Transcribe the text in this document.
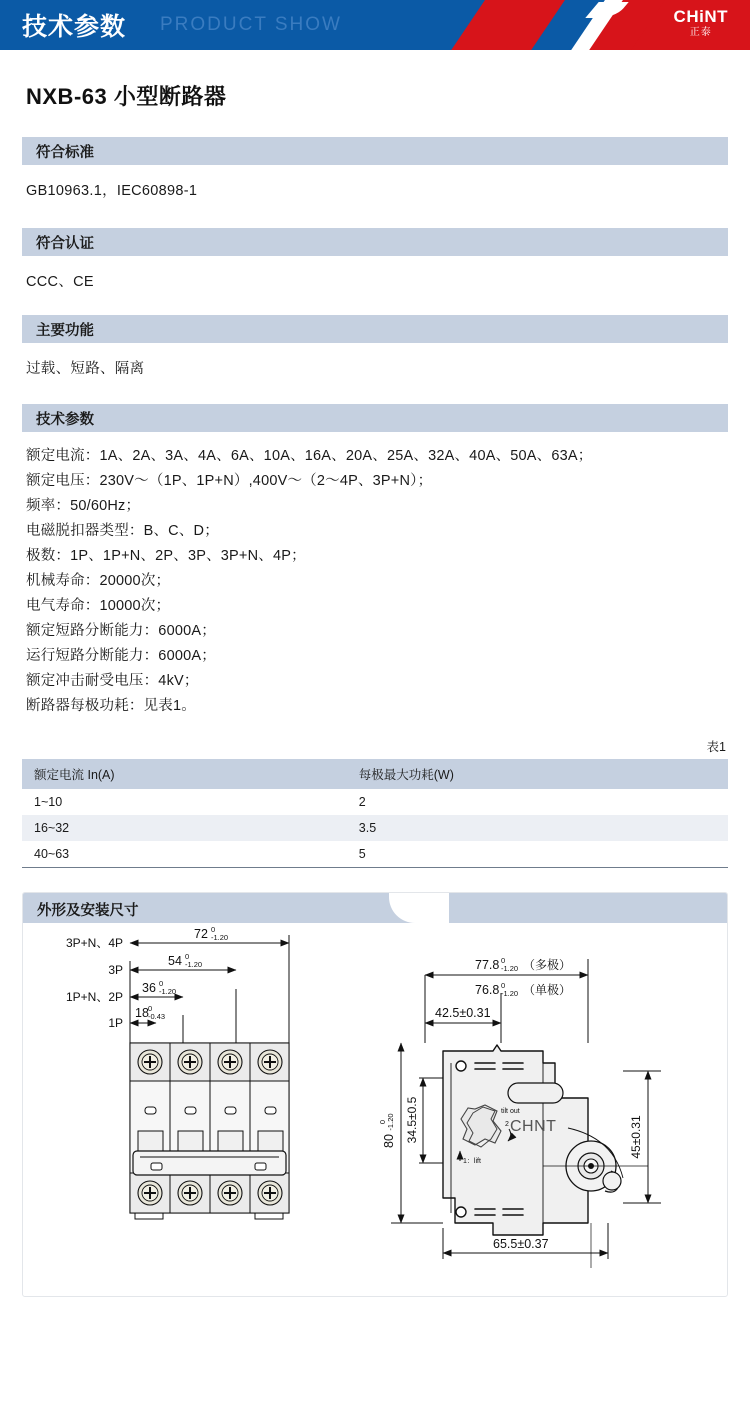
技术参数 PRODUCT SHOW	CHiNT
正泰
NXB-63 小型断路器
符合标准
GB10963.1，IEC60898-1
符合认证
CCC、CE
主要功能
过载、短路、隔离
技术参数
额定电流：1A、2A、3A、4A、6A、10A、16A、20A、25A、32A、40A、50A、63A；
额定电压：230V～（1P、1P+N）,400V～（2～4P、3P+N）；
频率：50/60Hz；
电磁脱扣器类型：B、C、D；
极数：1P、1P+N、2P、3P、3P+N、4P；
机械寿命：20000次；
电气寿命：10000次；
额定短路分断能力：6000A；
运行短路分断能力：6000A；
额定冲击耐受电压：4kV；
断路器每极功耗：见表1。
表1
额定电流 In(A)	每极最大功耗(W)
1~10	2
16~32	3.5
40~63	5
外形及安装尺寸
72 0
-1.20
3P+N、4P
54 0
-1.20
3P
36 0
-1.20
1P+N、2P
18 0
-0.43
1P
77.8 0
-1.20 （多极）
76.8 0
-1.20 （单极）
42.5±0.31
80
0 -1.20 34.5±0.5	45±0.31
65.5±0.37
CHNT
tilt out
2
1：lift
